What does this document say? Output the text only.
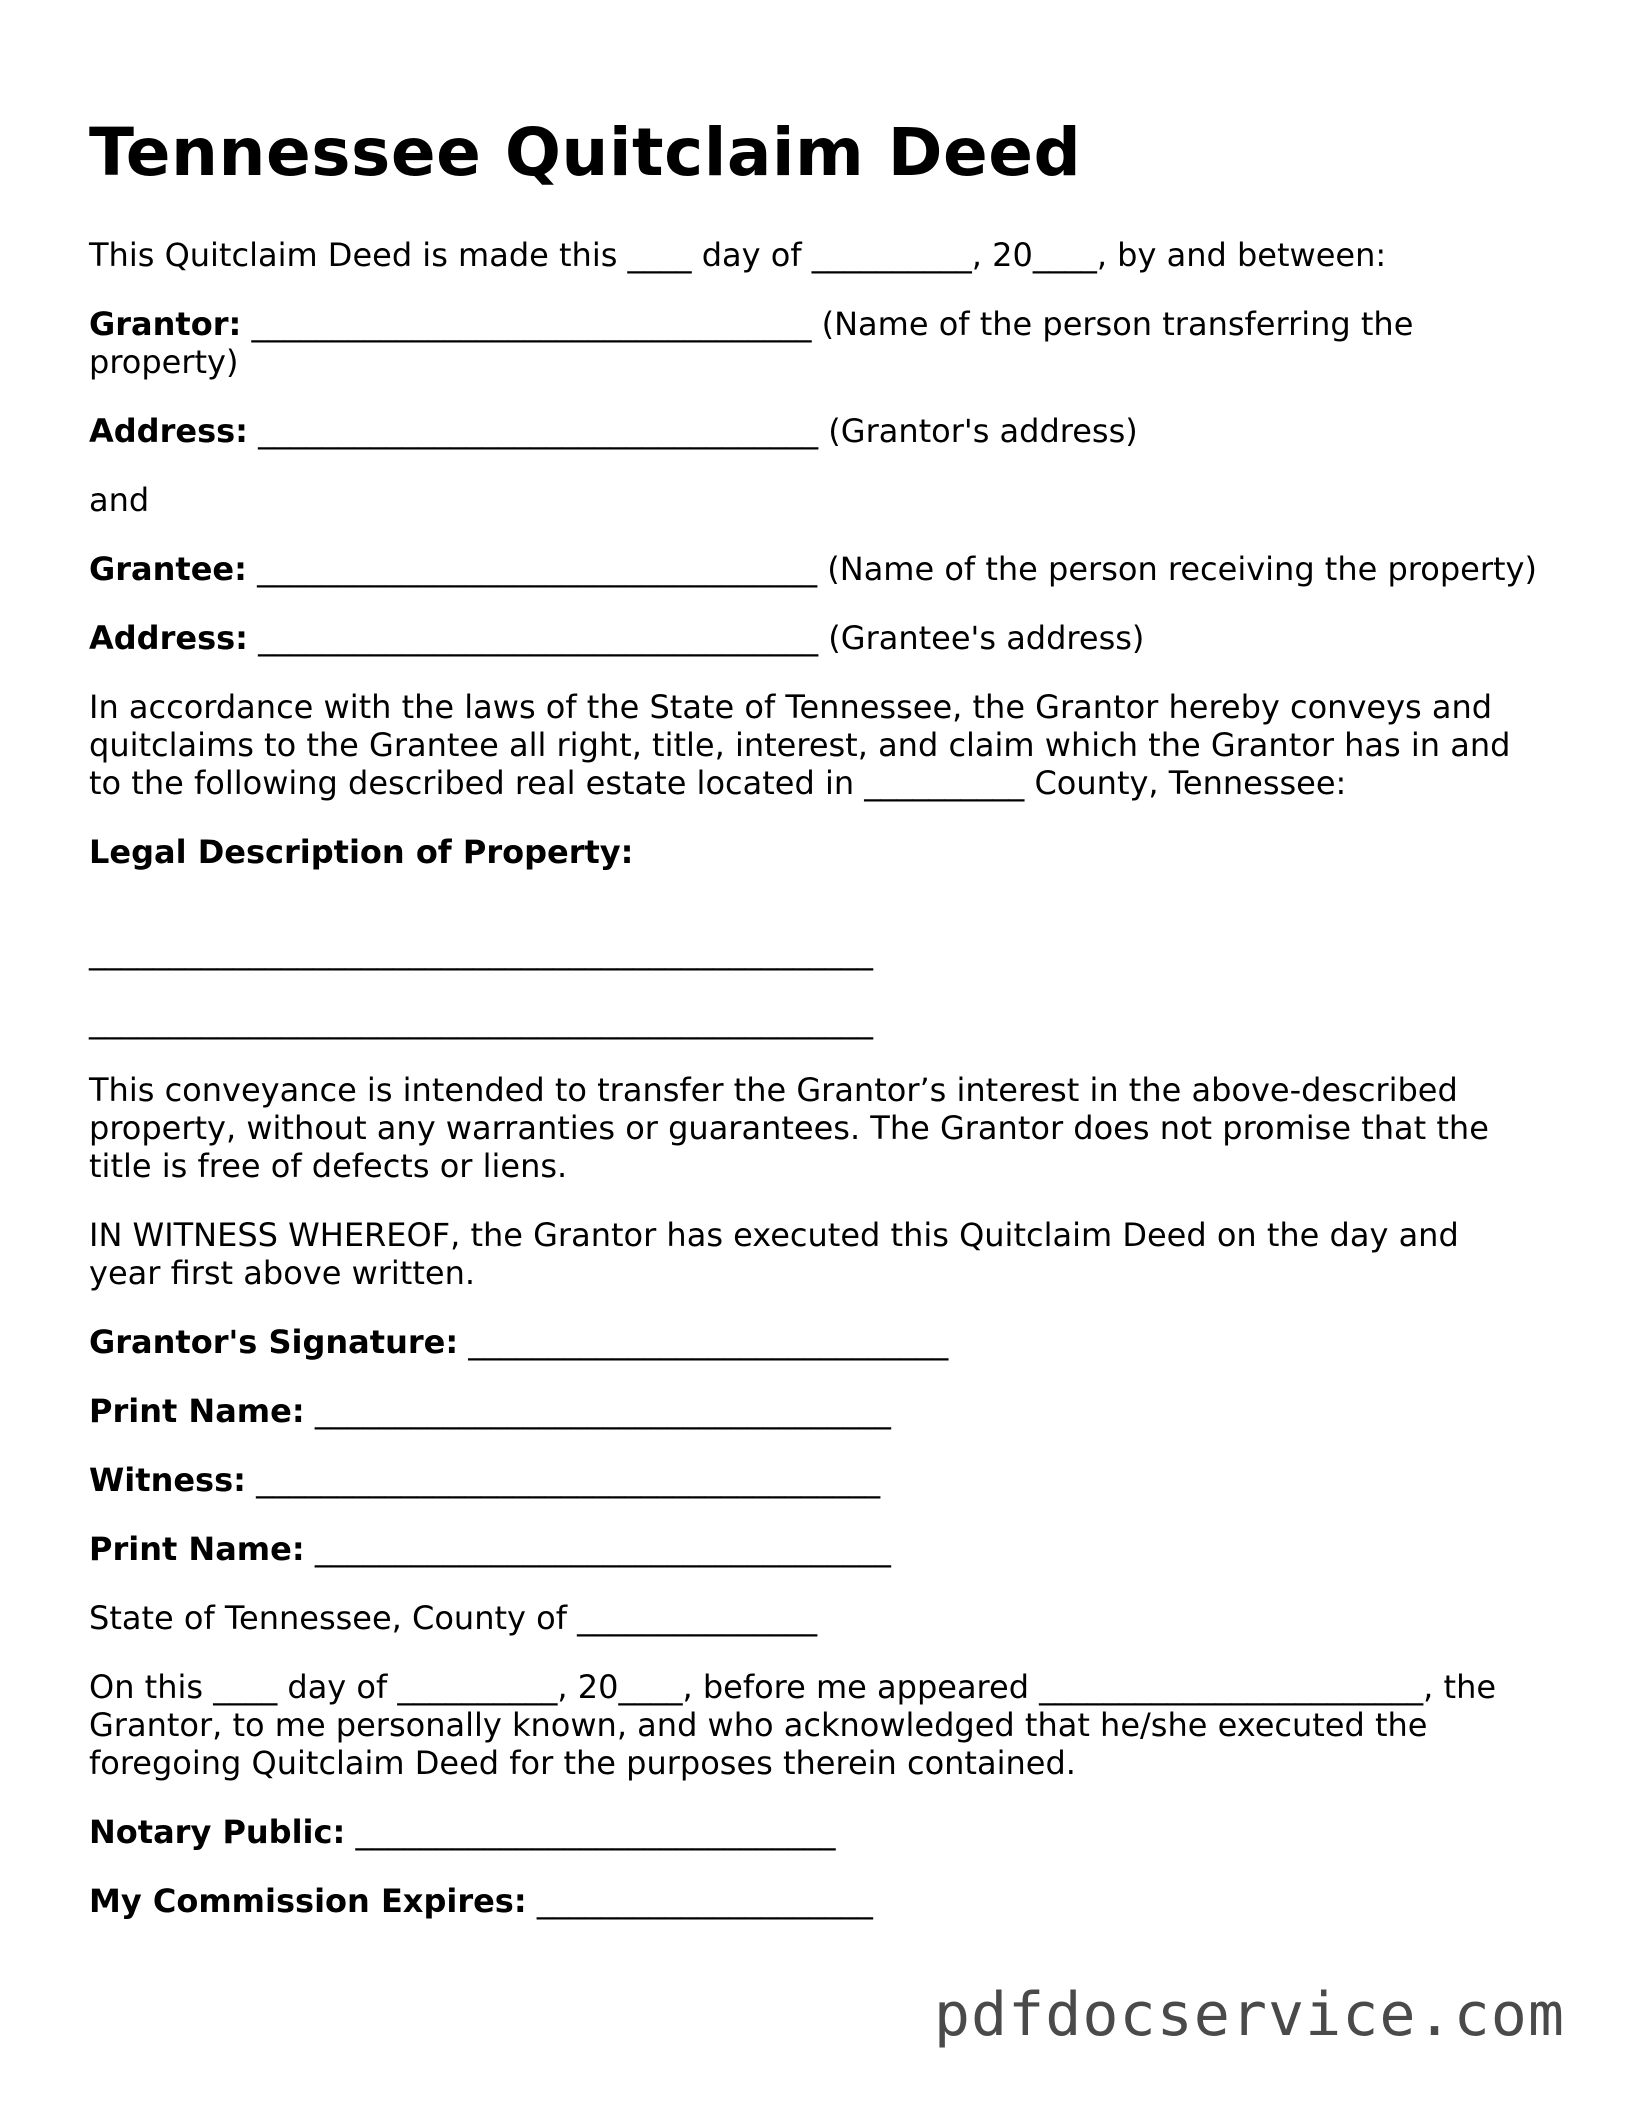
Tennessee Quitclaim Deed

This Quitclaim Deed is made this ____ day of __________, 20____, by and between:

Grantor: ___________________________________ (Name of the person transferring the property)

Address: ___________________________________ (Grantor's address)

and

Grantee: ___________________________________ (Name of the person receiving the property)

Address: ___________________________________ (Grantee's address)

In accordance with the laws of the State of Tennessee, the Grantor hereby conveys and quitclaims to the Grantee all right, title, interest, and claim which the Grantor has in and to the following described real estate located in __________ County, Tennessee:

Legal Description of Property:

_________________________________________________
_________________________________________________

This conveyance is intended to transfer the Grantor’s interest in the above-described property, without any warranties or guarantees. The Grantor does not promise that the title is free of defects or liens.

IN WITNESS WHEREOF, the Grantor has executed this Quitclaim Deed on the day and year first above written.

Grantor's Signature: ______________________________

Print Name: ____________________________________

Witness: _______________________________________

Print Name: ____________________________________

State of Tennessee, County of _______________

On this ____ day of __________, 20____, before me appeared ________________________, the Grantor, to me personally known, and who acknowledged that he/she executed the foregoing Quitclaim Deed for the purposes therein contained.

Notary Public: ______________________________

My Commission Expires: _____________________

pdfdocservice.com
